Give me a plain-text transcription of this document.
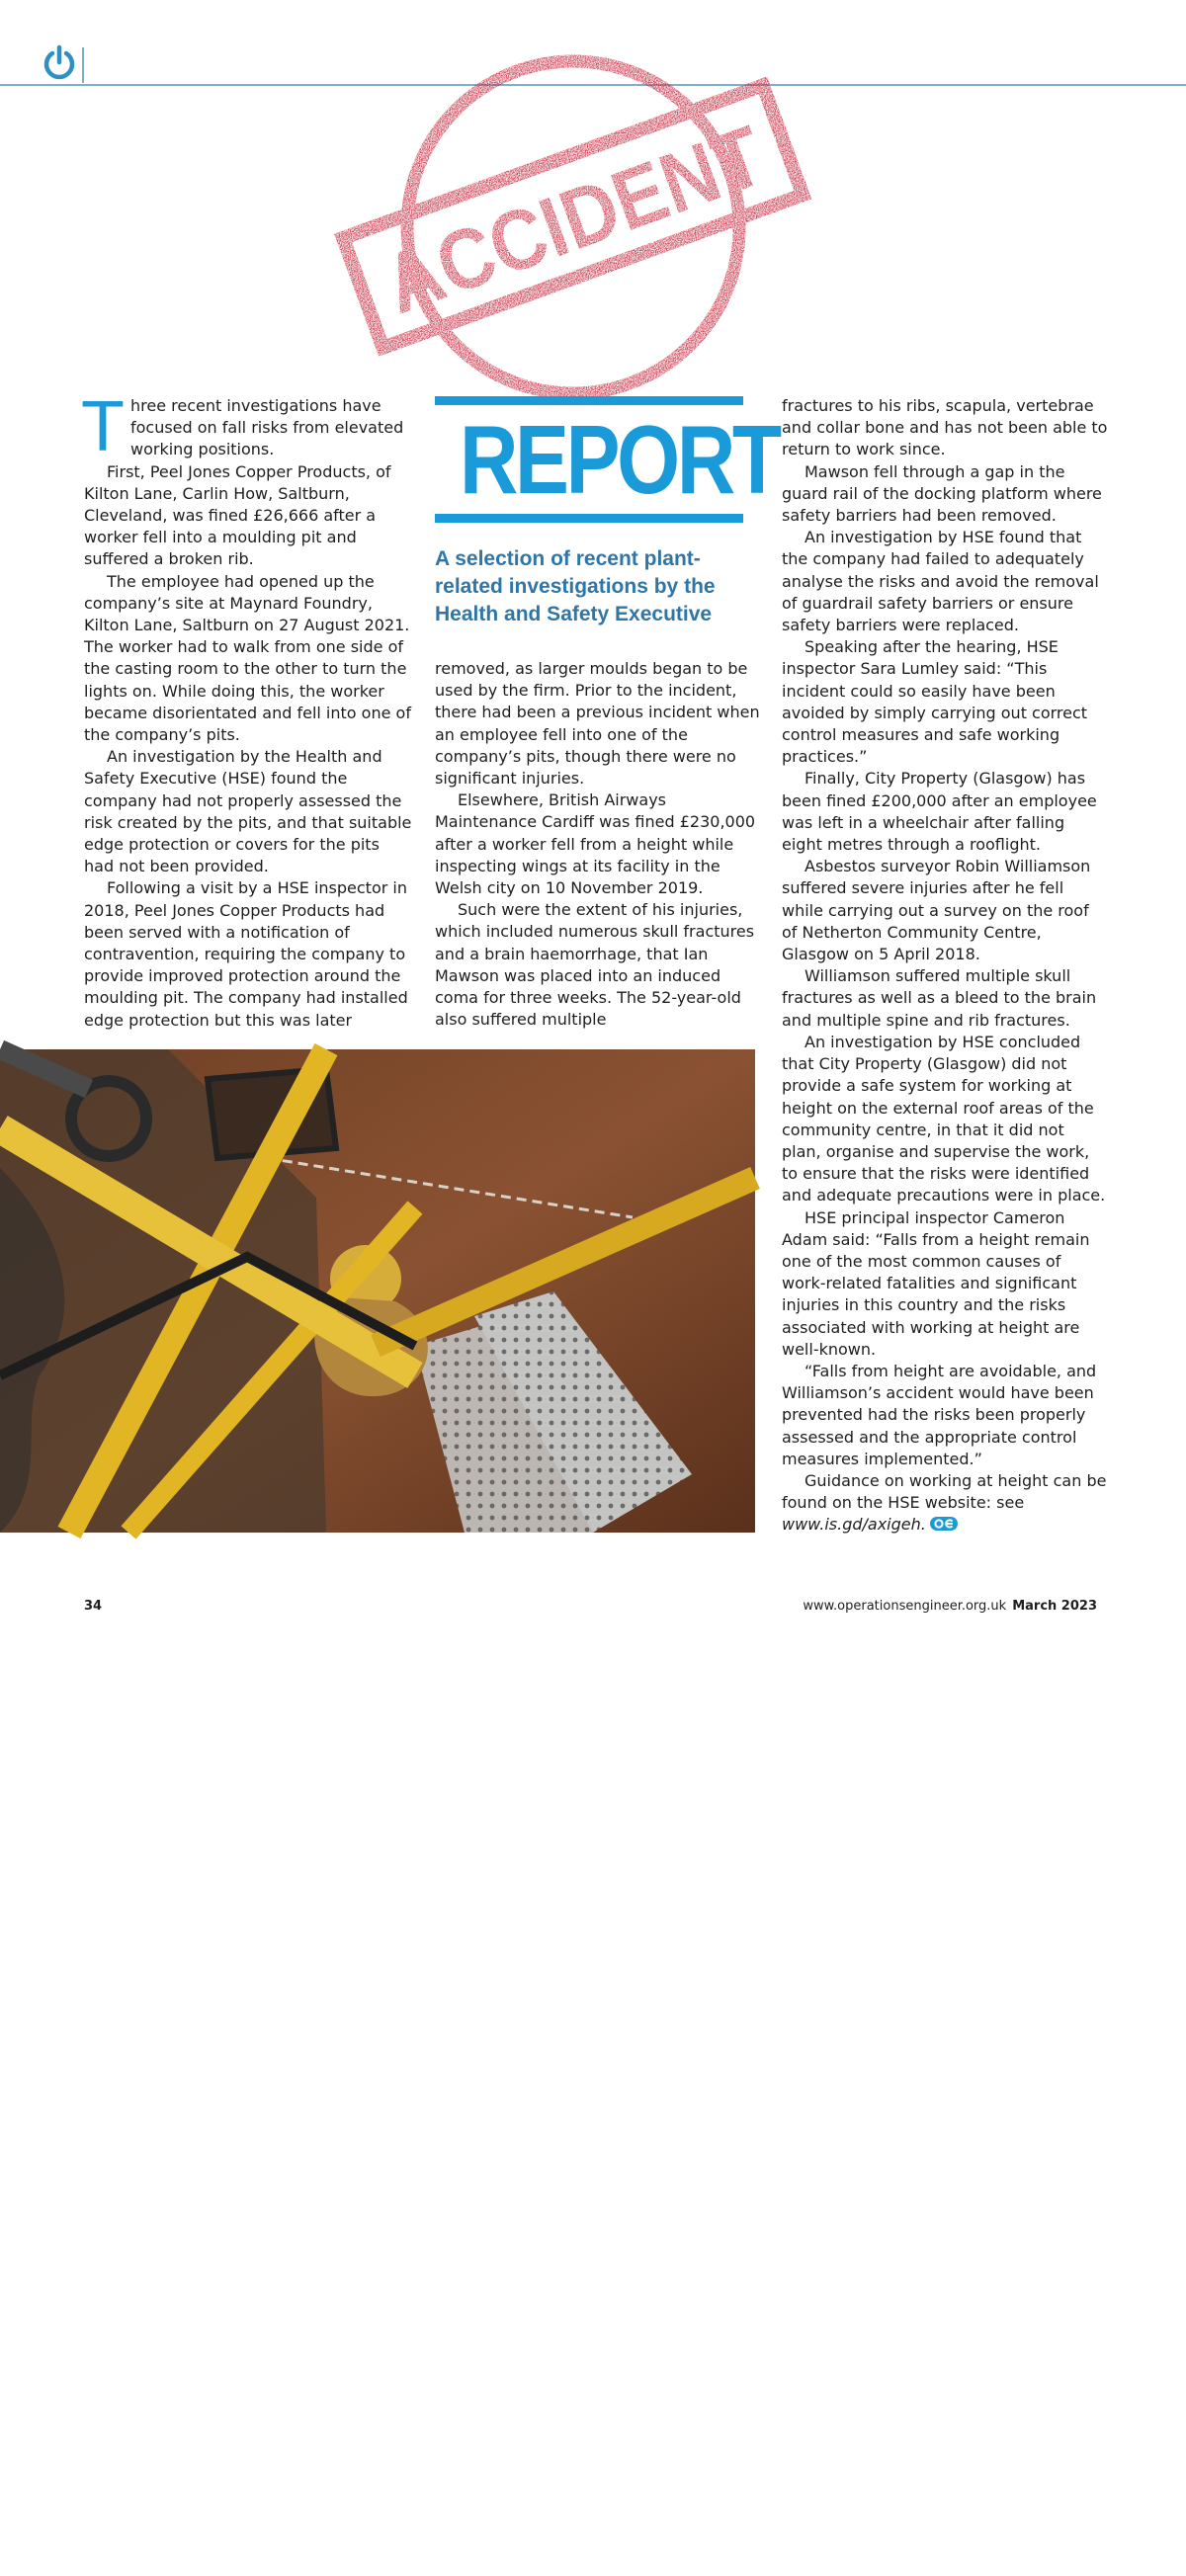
ACCIDENT
REPORT

A selection of recent plant-related investigations by the Health and Safety Executive

Three recent investigations have focused on fall risks from elevated working positions.

First, Peel Jones Copper Products, of Kilton Lane, Carlin How, Saltburn, Cleveland, was fined £26,666 after a worker fell into a moulding pit and suffered a broken rib.

The employee had opened up the company’s site at Maynard Foundry, Kilton Lane, Saltburn on 27 August 2021. The worker had to walk from one side of the casting room to the other to turn the lights on. While doing this, the worker became disorientated and fell into one of the company’s pits.

An investigation by the Health and Safety Executive (HSE) found the company had not properly assessed the risk created by the pits, and that suitable edge protection or covers for the pits had not been provided.

Following a visit by a HSE inspector in 2018, Peel Jones Copper Products had been served with a notification of contravention, requiring the company to provide improved protection around the moulding pit. The company had installed edge protection but this was later

removed, as larger moulds began to be used by the firm. Prior to the incident, there had been a previous incident when an employee fell into one of the company’s pits, though there were no significant injuries.

Elsewhere, British Airways Maintenance Cardiff was fined £230,000 after a worker fell from a height while inspecting wings at its facility in the Welsh city on 10 November 2019.

Such were the extent of his injuries, which included numerous skull fractures and a brain haemorrhage, that Ian Mawson was placed into an induced coma for three weeks. The 52-year-old also suffered multiple

fractures to his ribs, scapula, vertebrae and collar bone and has not been able to return to work since.

Mawson fell through a gap in the guard rail of the docking platform where safety barriers had been removed.

An investigation by HSE found that the company had failed to adequately analyse the risks and avoid the removal of guardrail safety barriers or ensure safety barriers were replaced.

Speaking after the hearing, HSE inspector Sara Lumley said: “This incident could so easily have been avoided by simply carrying out correct control measures and safe working practices.”

Finally, City Property (Glasgow) has been fined £200,000 after an employee was left in a wheelchair after falling eight metres through a rooflight.

Asbestos surveyor Robin Williamson suffered severe injuries after he fell while carrying out a survey on the roof of Netherton Community Centre, Glasgow on 5 April 2018.

Williamson suffered multiple skull fractures as well as a bleed to the brain and multiple spine and rib fractures.

An investigation by HSE concluded that City Property (Glasgow) did not provide a safe system for working at height on the external roof areas of the community centre, in that it did not plan, organise and supervise the work, to ensure that the risks were identified and adequate precautions were in place.

HSE principal inspector Cameron Adam said: “Falls from a height remain one of the most common causes of work-related fatalities and significant injuries in this country and the risks associated with working at height are well-known.

“Falls from height are avoidable, and Williamson’s accident would have been prevented had the risks been properly assessed and the appropriate control measures implemented.”

Guidance on working at height can be found on the HSE website: see www.is.gd/axigeh.

Kings Access/stock.adobe.com
34	www.operationsengineer.org.uk March 2023
